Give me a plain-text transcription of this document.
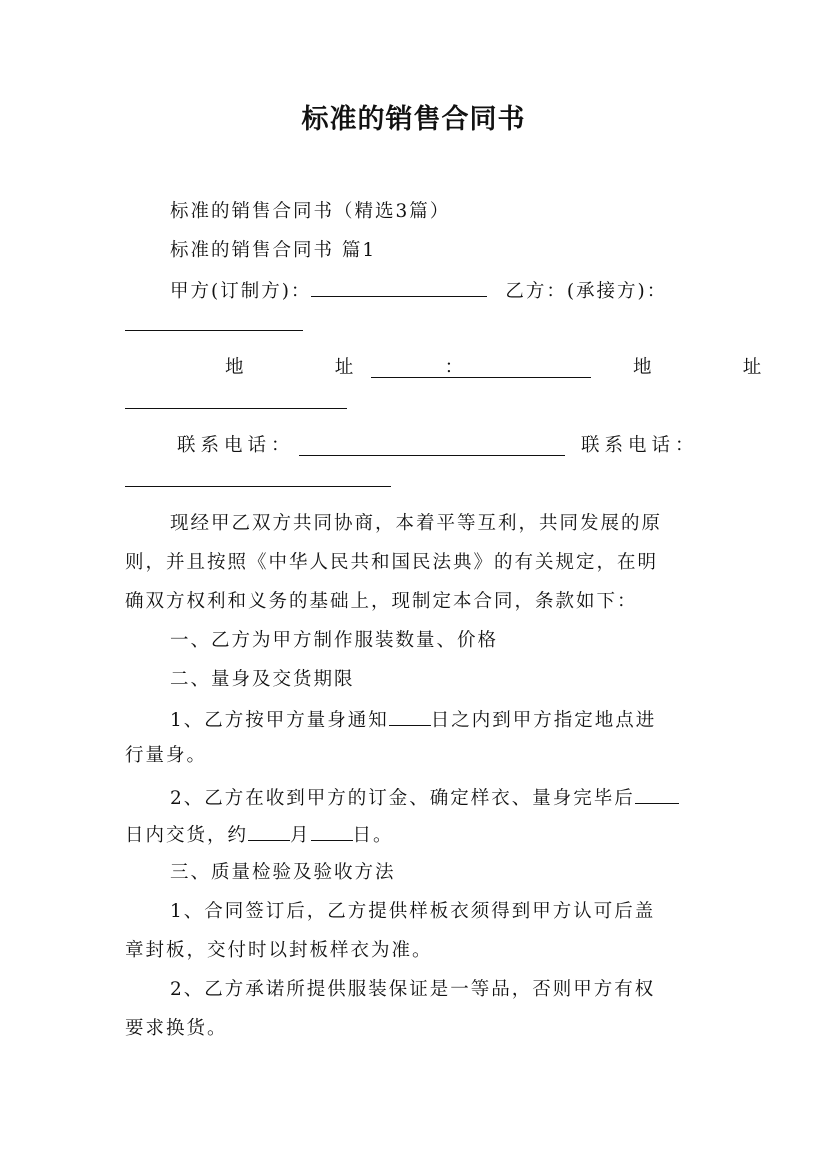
标准的销售合同书
标准的销售合同书（精选3篇）
标准的销售合同书 篇1
甲方(订制方)：	乙方：(承接方)：
地      址      ：	地      址
联系电话：	联系电话：
现经甲乙双方共同协商，本着平等互利，共同发展的原
则，并且按照《中华人民共和国民法典》的有关规定，在明
确双方权利和义务的基础上，现制定本合同，条款如下：
一、乙方为甲方制作服装数量、价格
二、量身及交货期限
1、乙方按甲方量身通知 日之内到甲方指定地点进
行量身。
2、乙方在收到甲方的订金、确定样衣、量身完毕后
日内交货，约 月 日。
三、质量检验及验收方法
1、合同签订后，乙方提供样板衣须得到甲方认可后盖
章封板，交付时以封板样衣为准。
2、乙方承诺所提供服装保证是一等品，否则甲方有权
要求换货。
